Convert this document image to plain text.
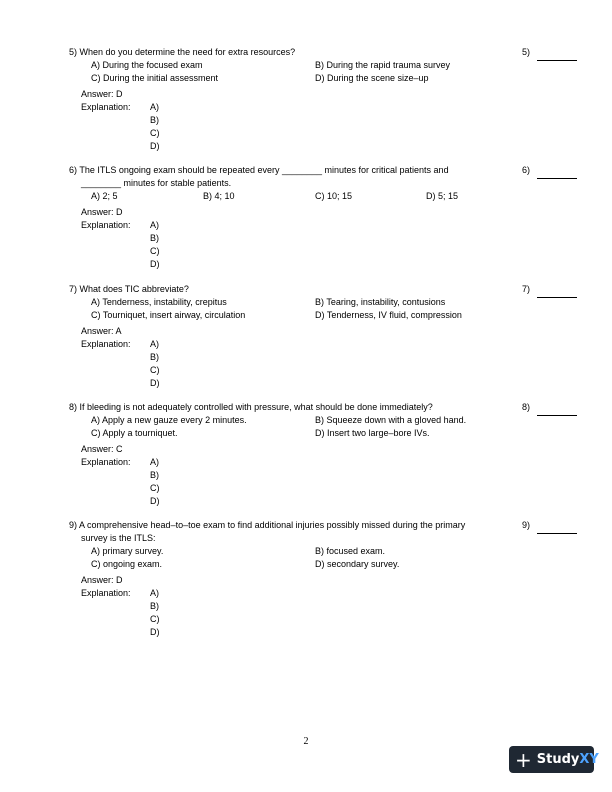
5) When do you determine the need for extra resources?	5)
A) During the focused exam	B) During the rapid trauma survey
C) During the initial assessment	D) During the scene size–up
Answer: D
Explanation: A)
B)
C)
D)
6) The ITLS ongoing exam should be repeated every ________ minutes for critical patients and
________ minutes for stable patients.
6)
A) 2; 5	B) 4; 10	C) 10; 15	D) 5; 15
Answer: D
Explanation: A)
B)
C)
D)
7) What does TIC abbreviate?	7)
A) Tenderness, instability, crepitus	B) Tearing, instability, contusions
C) Tourniquet, insert airway, circulation	D) Tenderness, IV fluid, compression
Answer: A
Explanation: A)
B)
C)
D)
8) If bleeding is not adequately controlled with pressure, what should be done immediately?	8)
A) Apply a new gauze every 2 minutes.	B) Squeeze down with a gloved hand.
C) Apply a tourniquet.	D) Insert two large–bore IVs.
Answer: C
Explanation: A)
B)
C)
D)
9) A comprehensive head–to–toe exam to find additional injuries possibly missed during the primary
survey is the ITLS:
9)
A) primary survey.	B) focused exam.
C) ongoing exam.	D) secondary survey.
Answer: D
Explanation: A)
B)
C)
D)
2
+ Study XY
